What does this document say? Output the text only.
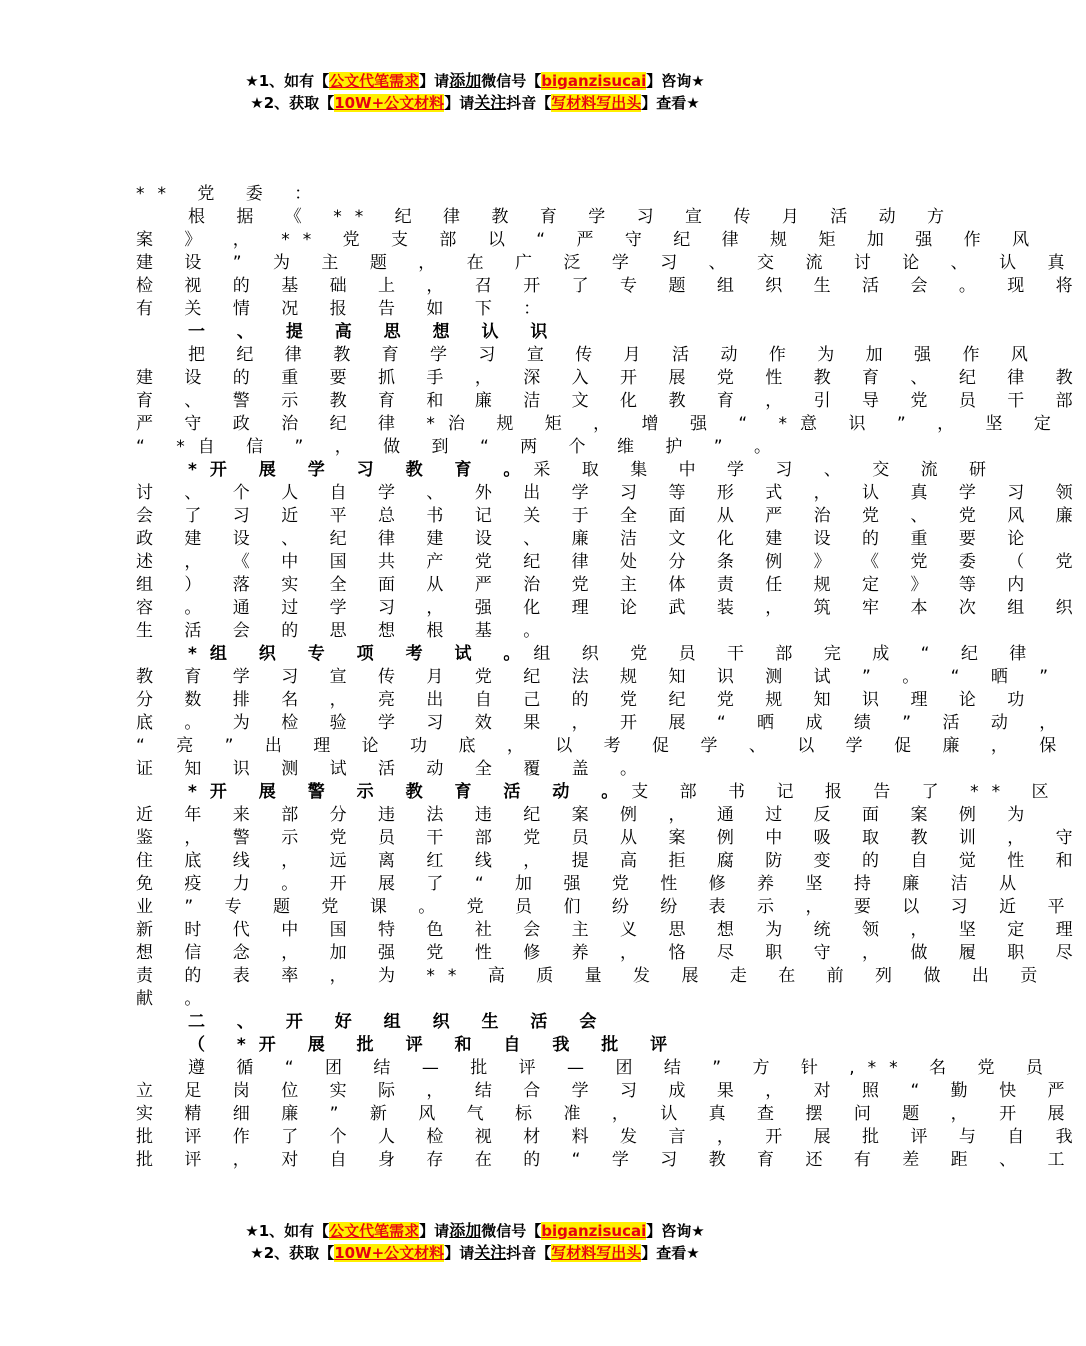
★1、如有【公文代笔需求】请添加微信号【biganzisucai】咨询★
★2、获取【10W+公文材料】请关注抖音【写材料写出头】查看★
** 党 委 ：
根 据 《 ** 纪 律 教 育 学 习 宣 传 月 活 动 方
案 》 ， ** 党 支 部 以 “ 严 守 纪 律 规 矩 加 强 作 风
建 设 ” 为 主 题 ， 在 广 泛 学 习 、 交 流 讨 论 、 认 真
检 视 的 基 础 上 ， 召 开 了 专 题 组 织 生 活 会 。 现 将
有 关 情 况 报 告 如 下 ：
一 、 提 高 思 想 认 识
把 纪 律 教 育 学 习 宣 传 月 活 动 作 为 加 强 作 风
建 设 的 重 要 抓 手 ， 深 入 开 展 党 性 教 育 、 纪 律 教
育 、 警 示 教 育 和 廉 洁 文 化 教 育 ， 引 导 党 员 干 部
严 守 政 治 纪 律 *治 规 矩 ， 增 强 “ *意 识 ” ， 坚 定
“ *自 信 ” ， 做 到 “ 两 个 维 护 ” 。
*开 展 学 习 教 育 。采 取 集 中 学 习 、 交 流 研
讨 、 个 人 自 学 、 外 出 学 习 等 形 式 ， 认 真 学 习 领
会 了 习 近 平 总 书 记 关 于 全 面 从 严 治 党 、 党 风 廉
政 建 设 、 纪 律 建 设 、 廉 洁 文 化 建 设 的 重 要 论
述 ， 《 中 国 共 产 党 纪 律 处 分 条 例 》 《 党 委 （ 党
组 ） 落 实 全 面 从 严 治 党 主 体 责 任 规 定 》 等 内
容 。 通 过 学 习 ， 强 化 理 论 武 装 ， 筑 牢 本 次 组 织
生 活 会 的 思 想 根 基 。
*组 织 专 项 考 试 。组 织 党 员 干 部 完 成 “ 纪 律
教 育 学 习 宣 传 月 党 纪 法 规 知 识 测 试 ” 。 “ 晒 ”
分 数 排 名 ， 亮 出 自 己 的 党 纪 党 规 知 识 理 论 功
底 。 为 检 验 学 习 效 果 ， 开 展 “ 晒 成 绩 ” 活 动 ，
“ 亮 ” 出 理 论 功 底 ， 以 考 促 学 、 以 学 促 廉 ， 保
证 知 识 测 试 活 动 全 覆 盖 。
*开 展 警 示 教 育 活 动 。支 部 书 记 报 告 了 ** 区
近 年 来 部 分 违 法 违 纪 案 例 ， 通 过 反 面 案 例 为
鉴 ， 警 示 党 员 干 部 党 员 从 案 例 中 吸 取 教 训 ， 守
住 底 线 ， 远 离 红 线 ， 提 高 拒 腐 防 变 的 自 觉 性 和
免 疫 力 。 开 展 了 “ 加 强 党 性 修 养 坚 持 廉 洁 从
业 ” 专 题 党 课 。 党 员 们 纷 纷 表 示 ， 要 以 习 近 平
新 时 代 中 国 特 色 社 会 主 义 思 想 为 统 领 ， 坚 定 理
想 信 念 ， 加 强 党 性 修 养 ， 恪 尽 职 守 ， 做 履 职 尽
责 的 表 率 ， 为 ** 高 质 量 发 展 走 在 前 列 做 出 贡
献 。
二 、 开 好 组 织 生 活 会
（ *开 展 批 评 和 自 我 批 评
遵 循 “ 团 结 — 批 评 — 团 结 ” 方 针 ,** 名 党 员
立 足 岗 位 实 际 ， 结 合 学 习 成 果 ， 对 照 “ 勤 快 严
实 精 细 廉 ” 新 风 气 标 准 ， 认 真 查 摆 问 题 ， 开 展
批 评 作 了 个 人 检 视 材 料 发 言 ， 开 展 批 评 与 自 我
批 评 ， 对 自 身 存 在 的 “ 学 习 教 育 还 有 差 距 、 工
★1、如有【公文代笔需求】请添加微信号【biganzisucai】咨询★
★2、获取【10W+公文材料】请关注抖音【写材料写出头】查看★
